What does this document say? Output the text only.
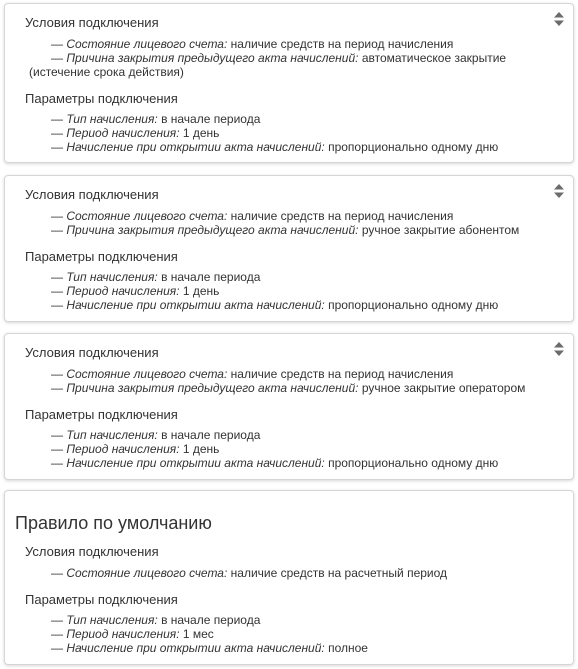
Условия подключения
— Состояние лицевого счета: наличие средств на период начисления
— Причина закрытия предыдущего акта начислений: автоматическое закрытие
(истечение срока действия)
Параметры подключения
— Тип начисления: в начале периода
— Период начисления: 1 день
— Начисление при открытии акта начислений: пропорционально одному дню
Условия подключения
— Состояние лицевого счета: наличие средств на период начисления
— Причина закрытия предыдущего акта начислений: ручное закрытие абонентом
Параметры подключения
— Тип начисления: в начале периода
— Период начисления: 1 день
— Начисление при открытии акта начислений: пропорционально одному дню
Условия подключения
— Состояние лицевого счета: наличие средств на период начисления
— Причина закрытия предыдущего акта начислений: ручное закрытие оператором
Параметры подключения
— Тип начисления: в начале периода
— Период начисления: 1 день
— Начисление при открытии акта начислений: пропорционально одному дню
Правило по умолчанию
Условия подключения
— Состояние лицевого счета: наличие средств на расчетный период
Параметры подключения
— Тип начисления: в начале периода
— Период начисления: 1 мес
— Начисление при открытии акта начислений: полное
